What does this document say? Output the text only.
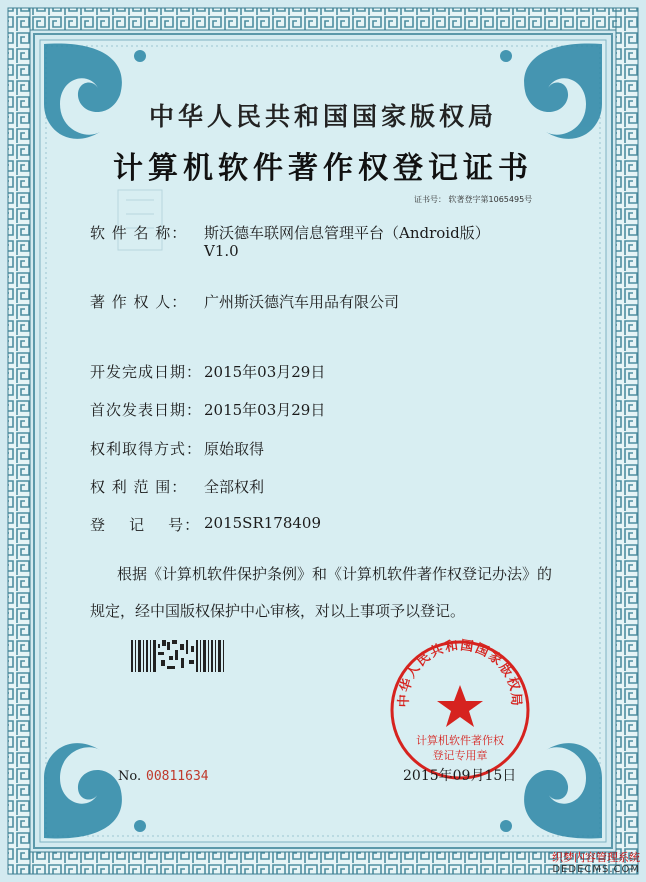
中华人民共和国国家版权局
计算机软件著作权登记证书
证书号： 软著登字第1065495号
软 件 名 称： 斯沃德车联网信息管理平台（Android版）
V1.0
著 作 权 人： 广州斯沃德汽车用品有限公司
开发完成日期： 2015年03月29日
首次发表日期： 2015年03月29日
权利取得方式： 原始取得
权 利 范 围： 全部权利
登    记    号： 2015SR178409
根据《计算机软件保护条例》和《计算机软件著作权登记办法》的
规定，经中国版权保护中心审核，对以上事项予以登记。
No. 00811634
中华人民共和国国家版权局
计算机软件著作权
登记专用章
2015年09月15日
织梦内容管理系统
DEDECMS.COM
